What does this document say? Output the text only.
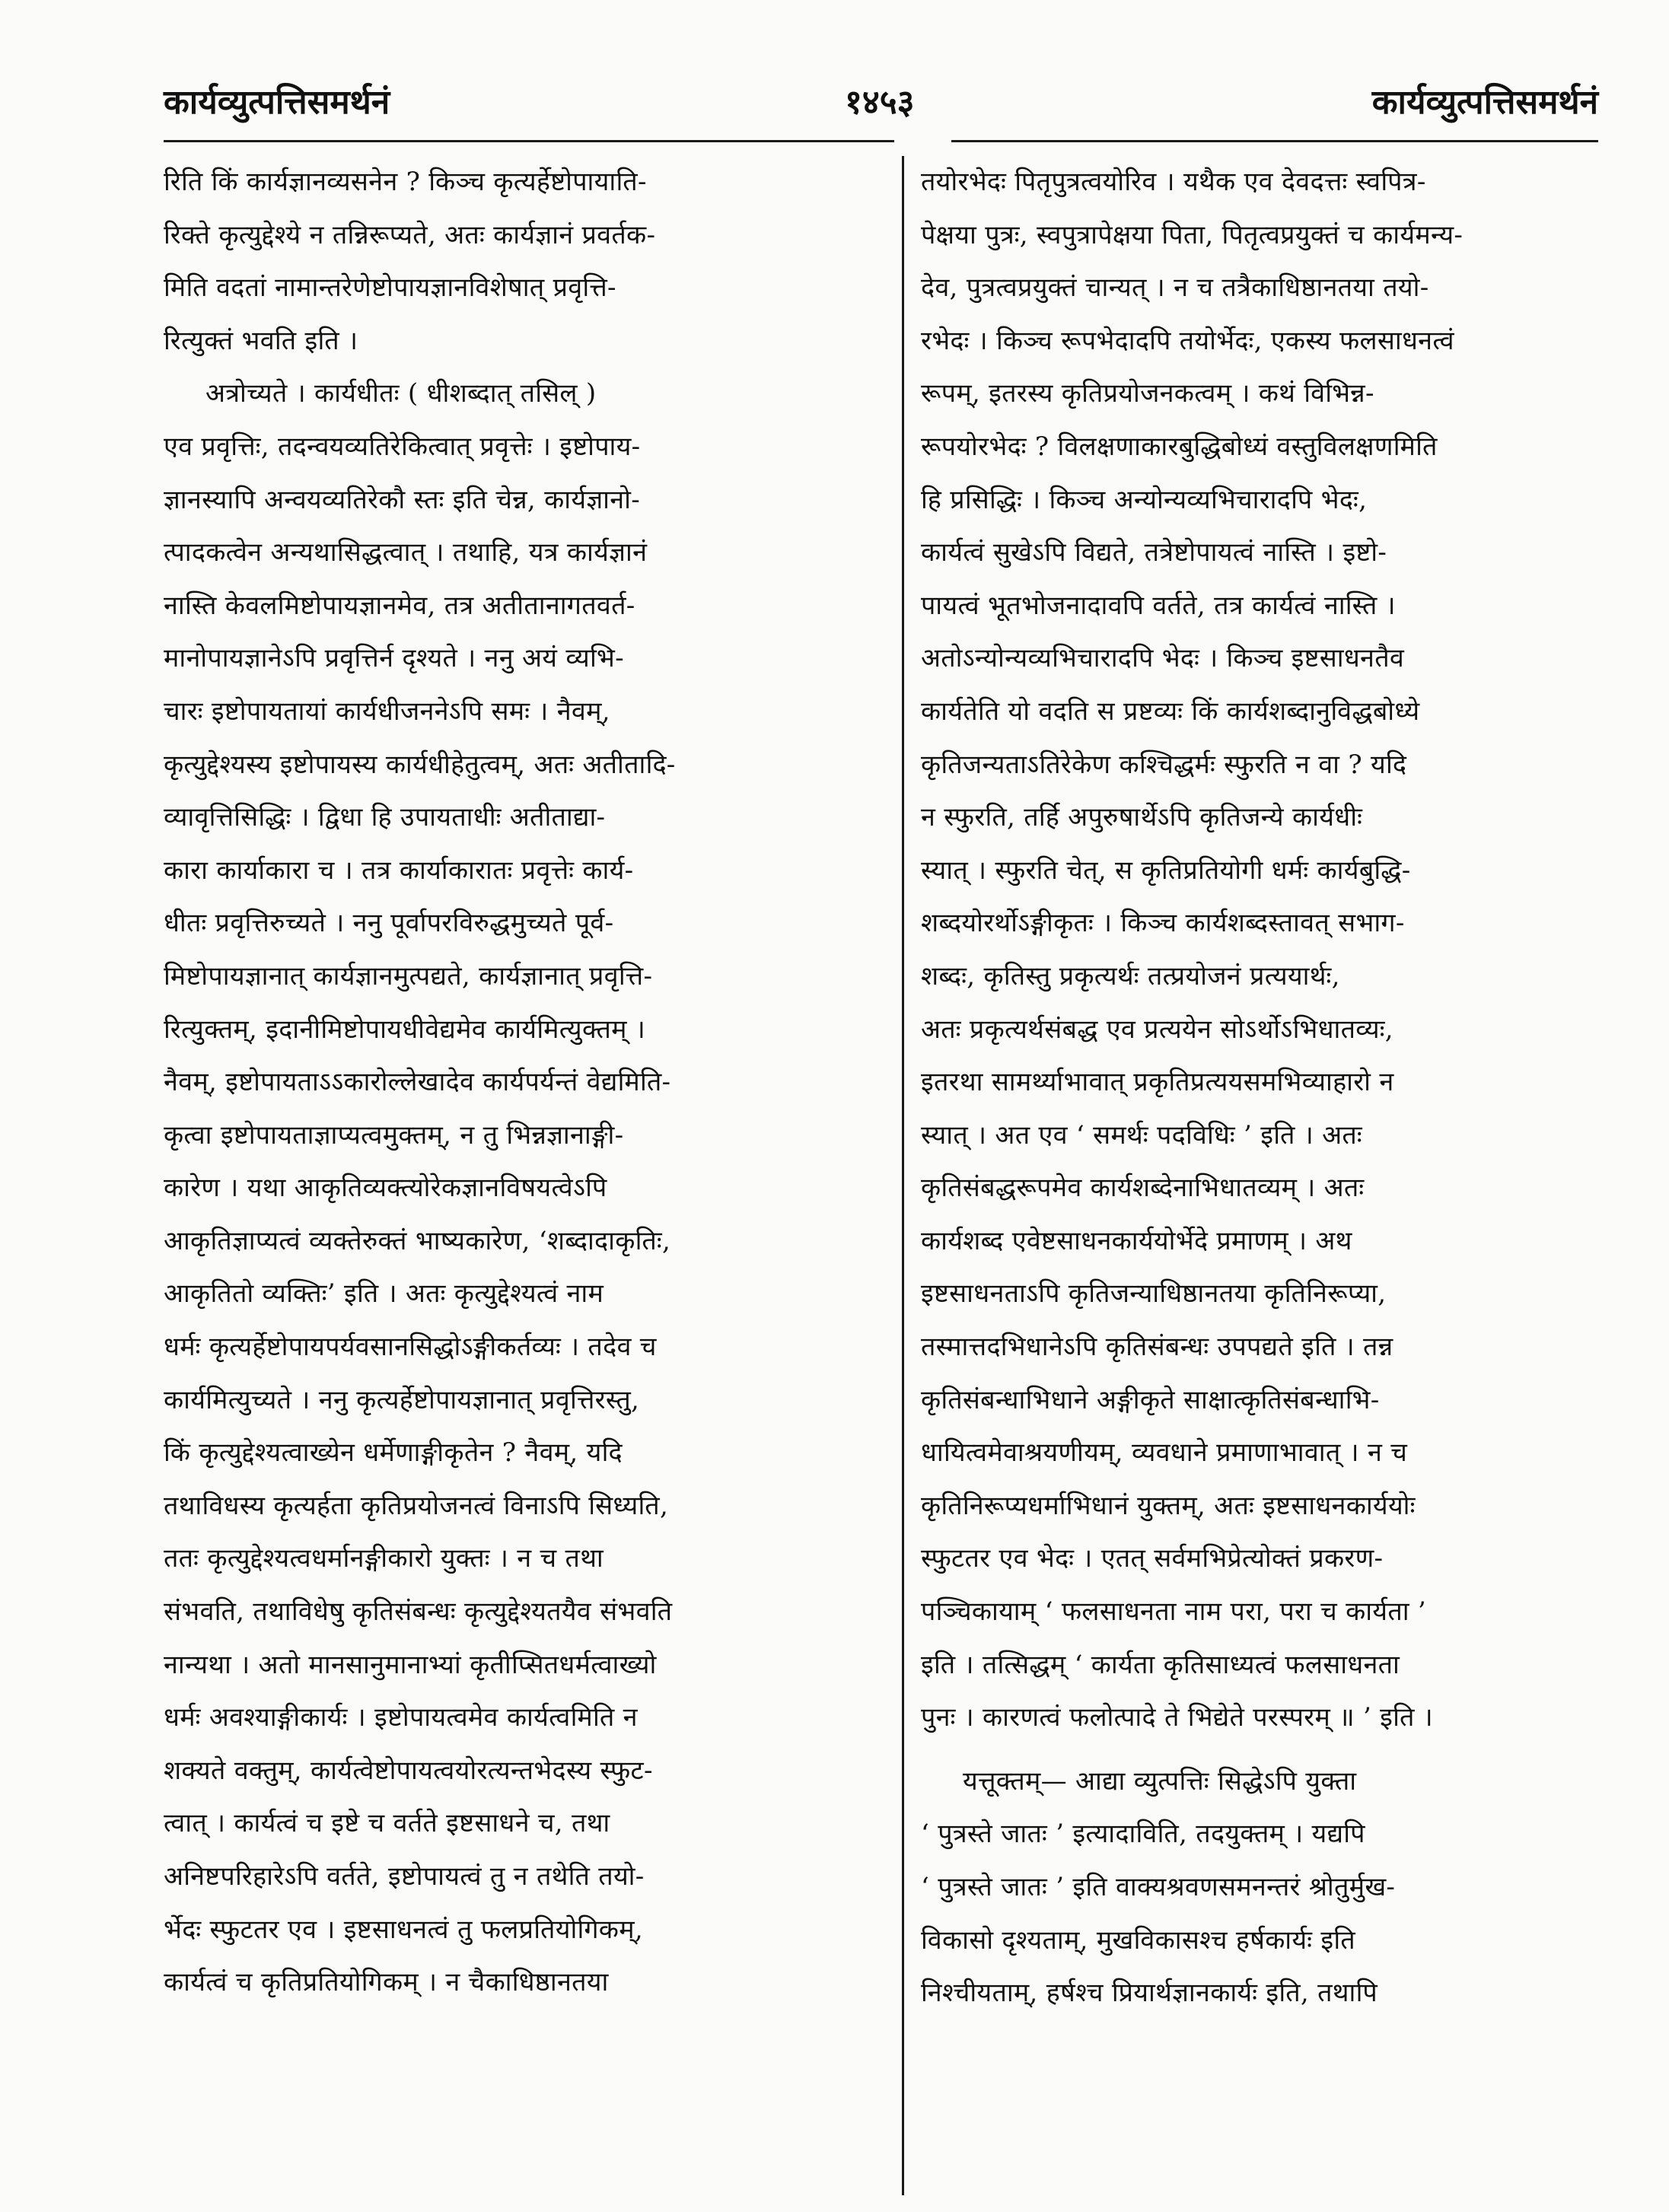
कार्यव्युत्पत्तिसमर्थनं	१४५३	कार्यव्युत्पत्तिसमर्थनं
रिति किं कार्यज्ञानव्यसनेन ? किञ्च कृत्यर्हेष्टोपायाति-
रिक्ते कृत्युद्देश्ये न तन्निरूप्यते, अतः कार्यज्ञानं प्रवर्तक-
मिति वदतां नामान्तरेणेष्टोपायज्ञानविशेषात् प्रवृत्ति-
रित्युक्तं भवति इति ।
अत्रोच्यते । कार्यधीतः ( धीशब्दात् तसिल् )
एव प्रवृत्तिः, तदन्वयव्यतिरेकित्वात् प्रवृत्तेः । इष्टोपाय-
ज्ञानस्यापि अन्वयव्यतिरेकौ स्तः इति चेन्न, कार्यज्ञानो-
त्पादकत्वेन अन्यथासिद्धत्वात् । तथाहि, यत्र कार्यज्ञानं
नास्ति केवलमिष्टोपायज्ञानमेव, तत्र अतीतानागतवर्त-
मानोपायज्ञानेऽपि प्रवृत्तिर्न दृश्यते । ननु अयं व्यभि-
चारः इष्टोपायतायां कार्यधीजननेऽपि समः । नैवम्,
कृत्युद्देश्यस्य इष्टोपायस्य कार्यधीहेतुत्वम्, अतः अतीतादि-
व्यावृत्तिसिद्धिः । द्विधा हि उपायताधीः अतीताद्या-
कारा कार्याकारा च । तत्र कार्याकारातः प्रवृत्तेः कार्य-
धीतः प्रवृत्तिरुच्यते । ननु पूर्वापरविरुद्धमुच्यते पूर्व-
मिष्टोपायज्ञानात् कार्यज्ञानमुत्पद्यते, कार्यज्ञानात् प्रवृत्ति-
रित्युक्तम्, इदानीमिष्टोपायधीवेद्यमेव कार्यमित्युक्तम् ।
नैवम्, इष्टोपायताऽऽकारोल्लेखादेव कार्यपर्यन्तं वेद्यमिति-
कृत्वा इष्टोपायताज्ञाप्यत्वमुक्तम्, न तु भिन्नज्ञानाङ्गी-
कारेण । यथा आकृतिव्यक्त्योरेकज्ञानविषयत्वेऽपि
आकृतिज्ञाप्यत्वं व्यक्तेरुक्तं भाष्यकारेण, ‘शब्दादाकृतिः,
आकृतितो व्यक्तिः’ इति । अतः कृत्युद्देश्यत्वं नाम
धर्मः कृत्यर्हेष्टोपायपर्यवसानसिद्धोऽङ्गीकर्तव्यः । तदेव च
कार्यमित्युच्यते । ननु कृत्यर्हेष्टोपायज्ञानात् प्रवृत्तिरस्तु,
किं कृत्युद्देश्यत्वाख्येन धर्मेणाङ्गीकृतेन ? नैवम्, यदि
तथाविधस्य कृत्यर्हता कृतिप्रयोजनत्वं विनाऽपि सिध्यति,
ततः कृत्युद्देश्यत्वधर्मानङ्गीकारो युक्तः । न च तथा
संभवति, तथाविधेषु कृतिसंबन्धः कृत्युद्देश्यतयैव संभवति
नान्यथा । अतो मानसानुमानाभ्यां कृतीप्सितधर्मत्वाख्यो
धर्मः अवश्याङ्गीकार्यः । इष्टोपायत्वमेव कार्यत्वमिति न
शक्यते वक्तुम्, कार्यत्वेष्टोपायत्वयोरत्यन्तभेदस्य स्फुट-
त्वात् । कार्यत्वं च इष्टे च वर्तते इष्टसाधने च, तथा
अनिष्टपरिहारेऽपि वर्तते, इष्टोपायत्वं तु न तथेति तयो-
र्भेदः स्फुटतर एव । इष्टसाधनत्वं तु फलप्रतियोगिकम्,
कार्यत्वं च कृतिप्रतियोगिकम् । न चैकाधिष्ठानतया
तयोरभेदः पितृपुत्रत्वयोरिव । यथैक एव देवदत्तः स्वपित्र-
पेक्षया पुत्रः, स्वपुत्रापेक्षया पिता, पितृत्वप्रयुक्तं च कार्यमन्य-
देव, पुत्रत्वप्रयुक्तं चान्यत् । न च तत्रैकाधिष्ठानतया तयो-
रभेदः । किञ्च रूपभेदादपि तयोर्भेदः, एकस्य फलसाधनत्वं
रूपम्, इतरस्य कृतिप्रयोजनकत्वम् । कथं विभिन्न-
रूपयोरभेदः ? विलक्षणाकारबुद्धिबोध्यं वस्तुविलक्षणमिति
हि प्रसिद्धिः । किञ्च अन्योन्यव्यभिचारादपि भेदः,
कार्यत्वं सुखेऽपि विद्यते, तत्रेष्टोपायत्वं नास्ति । इष्टो-
पायत्वं भूतभोजनादावपि वर्तते, तत्र कार्यत्वं नास्ति ।
अतोऽन्योन्यव्यभिचारादपि भेदः । किञ्च इष्टसाधनतैव
कार्यतेति यो वदति स प्रष्टव्यः किं कार्यशब्दानुविद्धबोध्ये
कृतिजन्यताऽतिरेकेण कश्चिद्धर्मः स्फुरति न वा ? यदि
न स्फुरति, तर्हि अपुरुषार्थेऽपि कृतिजन्ये कार्यधीः
स्यात् । स्फुरति चेत्, स कृतिप्रतियोगी धर्मः कार्यबुद्धि-
शब्दयोरर्थोऽङ्गीकृतः । किञ्च कार्यशब्दस्तावत् सभाग-
शब्दः, कृतिस्तु प्रकृत्यर्थः तत्प्रयोजनं प्रत्ययार्थः,
अतः प्रकृत्यर्थसंबद्ध एव प्रत्ययेन सोऽर्थोऽभिधातव्यः,
इतरथा सामर्थ्याभावात् प्रकृतिप्रत्ययसमभिव्याहारो न
स्यात् । अत एव ‘ समर्थः पदविधिः ’ इति । अतः
कृतिसंबद्धरूपमेव कार्यशब्देनाभिधातव्यम् । अतः
कार्यशब्द एवेष्टसाधनकार्ययोर्भेदे प्रमाणम् । अथ
इष्टसाधनताऽपि कृतिजन्याधिष्ठानतया कृतिनिरूप्या,
तस्मात्तदभिधानेऽपि कृतिसंबन्धः उपपद्यते इति । तन्न
कृतिसंबन्धाभिधाने अङ्गीकृते साक्षात्कृतिसंबन्धाभि-
धायित्वमेवाश्रयणीयम्, व्यवधाने प्रमाणाभावात् । न च
कृतिनिरूप्यधर्माभिधानं युक्तम्, अतः इष्टसाधनकार्ययोः
स्फुटतर एव भेदः । एतत् सर्वमभिप्रेत्योक्तं प्रकरण-
पञ्चिकायाम् ‘ फलसाधनता नाम परा, परा च कार्यता ’
इति । तत्सिद्धम् ‘ कार्यता कृतिसाध्यत्वं फलसाधनता
पुनः । कारणत्वं फलोत्पादे ते भिद्येते परस्परम् ॥ ’ इति ।
यत्तूक्तम्— आद्या व्युत्पत्तिः सिद्धेऽपि युक्ता
‘ पुत्रस्ते जातः ’ इत्यादाविति, तदयुक्तम् । यद्यपि
‘ पुत्रस्ते जातः ’ इति वाक्यश्रवणसमनन्तरं श्रोतुर्मुख-
विकासो दृश्यताम्, मुखविकासश्च हर्षकार्यः इति
निश्चीयताम्, हर्षश्च प्रियार्थज्ञानकार्यः इति, तथापि
